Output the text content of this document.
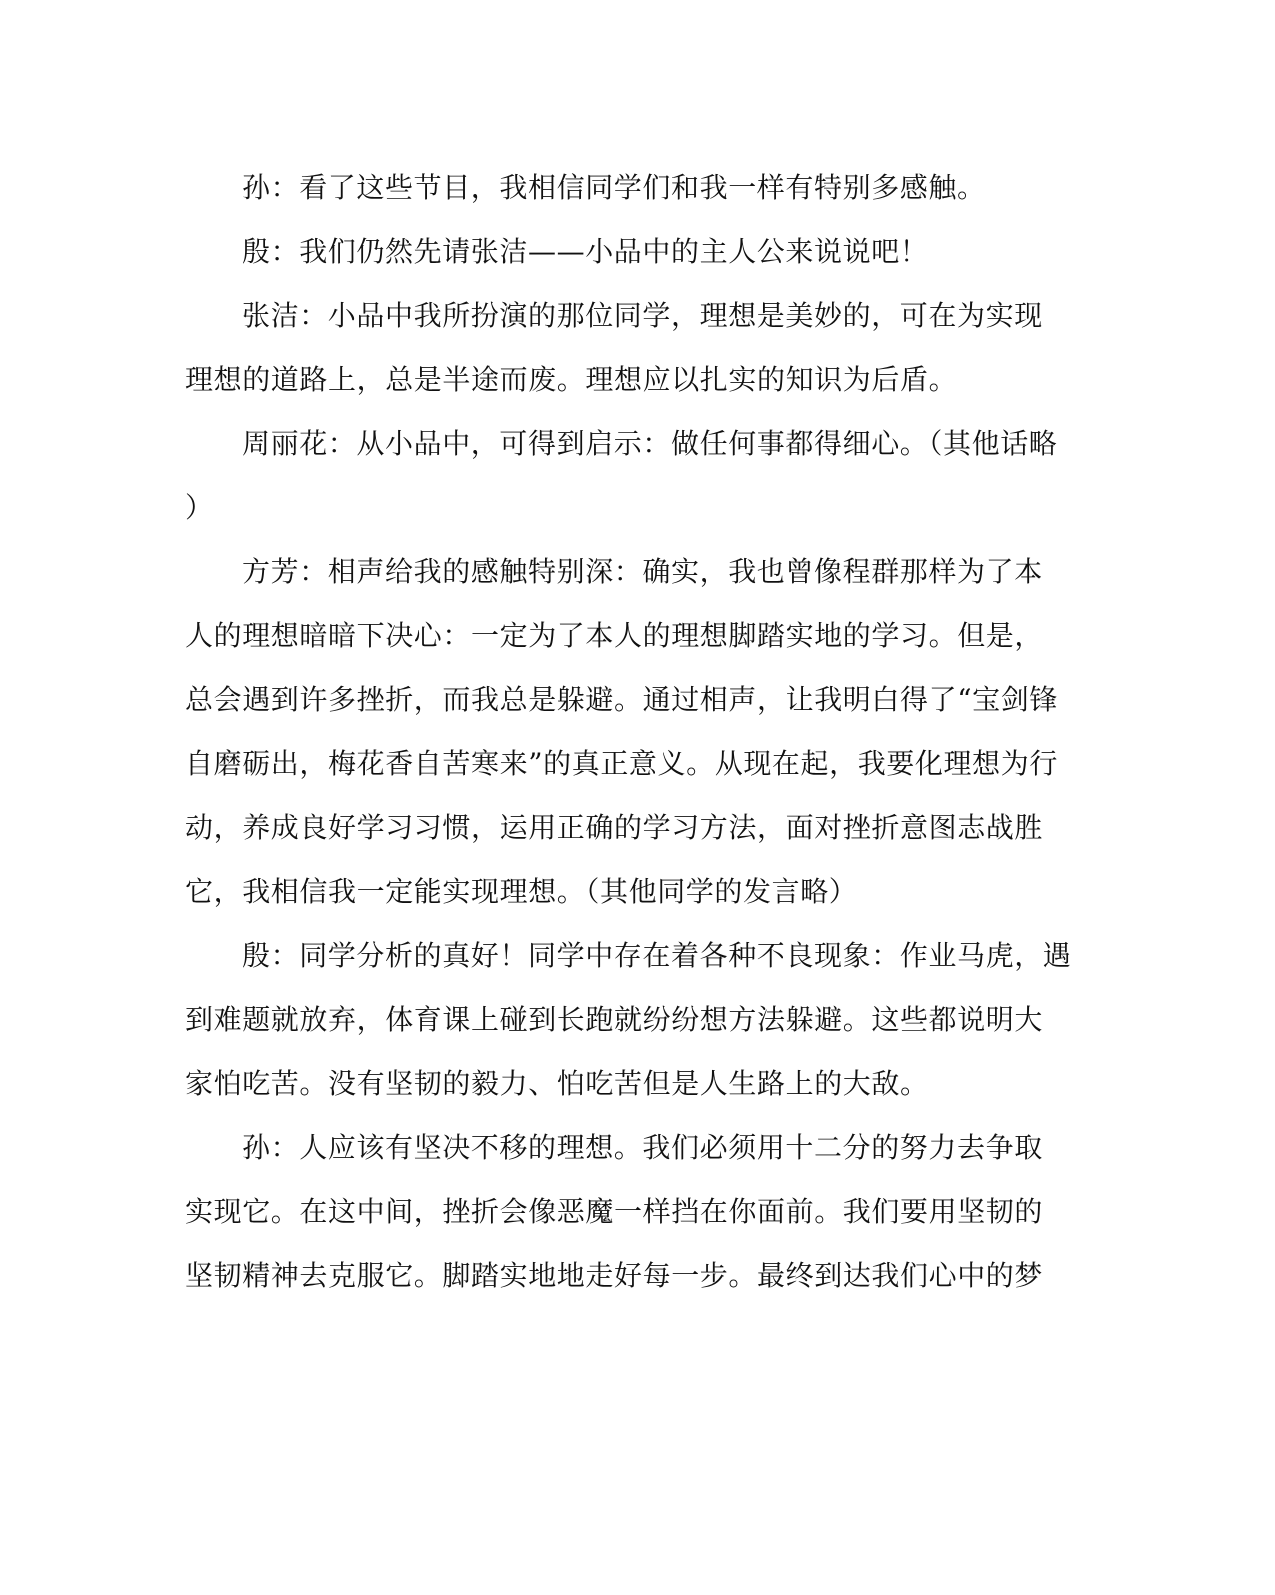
孙：看了这些节目，我相信同学们和我一样有特别多感触。
殷：我们仍然先请张洁——小品中的主人公来说说吧！
张洁：小品中我所扮演的那位同学，理想是美妙的，可在为实现
理想的道路上，总是半途而废。理想应以扎实的知识为后盾。
周丽花：从小品中，可得到启示：做任何事都得细心。（其他话略
）
方芳：相声给我的感触特别深：确实，我也曾像程群那样为了本
人的理想暗暗下决心：一定为了本人的理想脚踏实地的学习。但是，
总会遇到许多挫折，而我总是躲避。通过相声，让我明白得了“宝剑锋
自磨砺出，梅花香自苦寒来”的真正意义。从现在起，我要化理想为行
动，养成良好学习习惯，运用正确的学习方法，面对挫折意图志战胜
它，我相信我一定能实现理想。（其他同学的发言略）
殷：同学分析的真好！同学中存在着各种不良现象：作业马虎，遇
到难题就放弃，体育课上碰到长跑就纷纷想方法躲避。这些都说明大
家怕吃苦。没有坚韧的毅力、怕吃苦但是人生路上的大敌。
孙：人应该有坚决不移的理想。我们必须用十二分的努力去争取
实现它。在这中间，挫折会像恶魔一样挡在你面前。我们要用坚韧的
坚韧精神去克服它。脚踏实地地走好每一步。最终到达我们心中的梦
